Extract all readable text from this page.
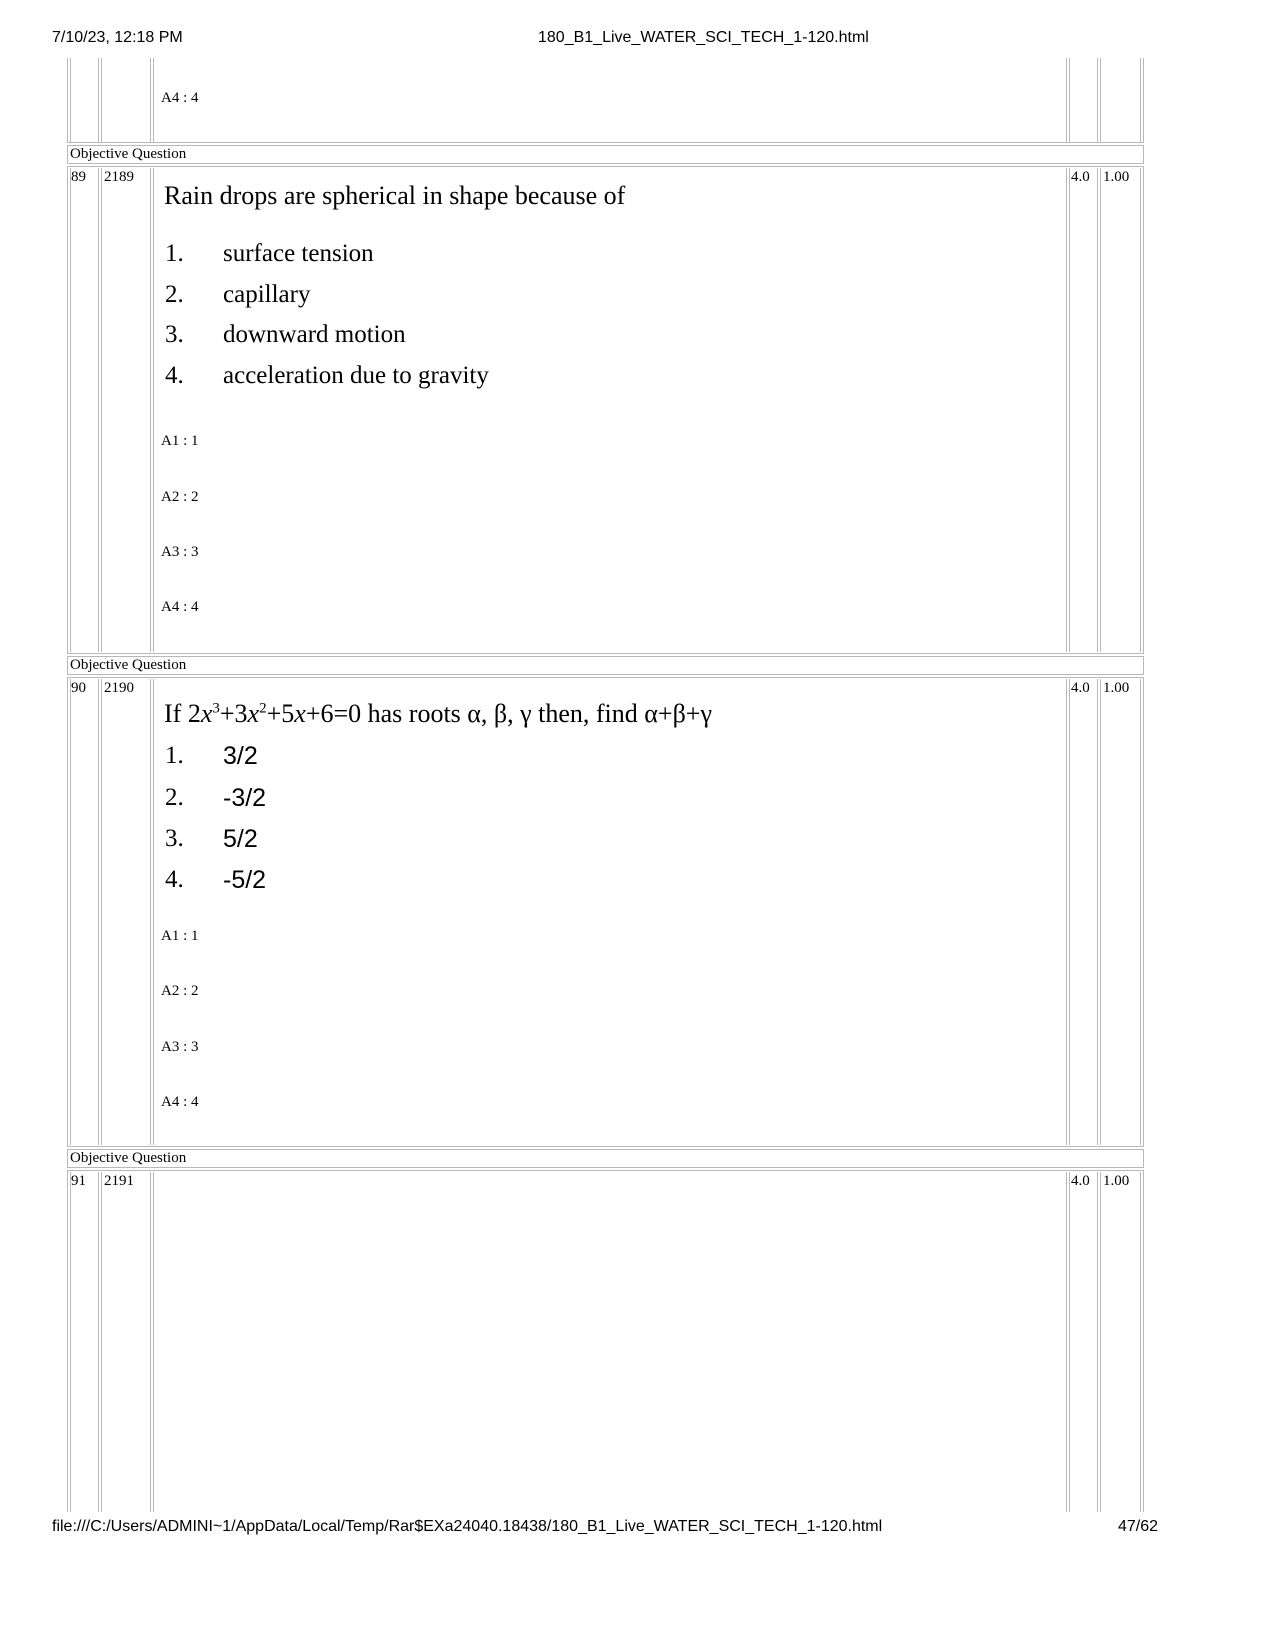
7/10/23, 12:18 PM	180_B1_Live_WATER_SCI_TECH_1-120.html
A4 : 4
Objective Question
89 2189	4.0 1.00
Rain drops are spherical in shape because of
1. surface tension
2. capillary
3. downward motion
4. acceleration due to gravity
A1 : 1
A2 : 2
A3 : 3
A4 : 4
Objective Question
90 2190	4.0 1.00
If $2x^3+3x^2+5x+6=0$ has roots α, β, γ then, find α+β+γ
1. 3/2
2. -3/2
3. 5/2
4. -5/2
A1 : 1
A2 : 2
A3 : 3
A4 : 4
Objective Question
91 2191	4.0 1.00
file:///C:/Users/ADMINI~1/AppData/Local/Temp/Rar$EXa24040.18438/180_B1_Live_WATER_SCI_TECH_1-120.html	47/62
